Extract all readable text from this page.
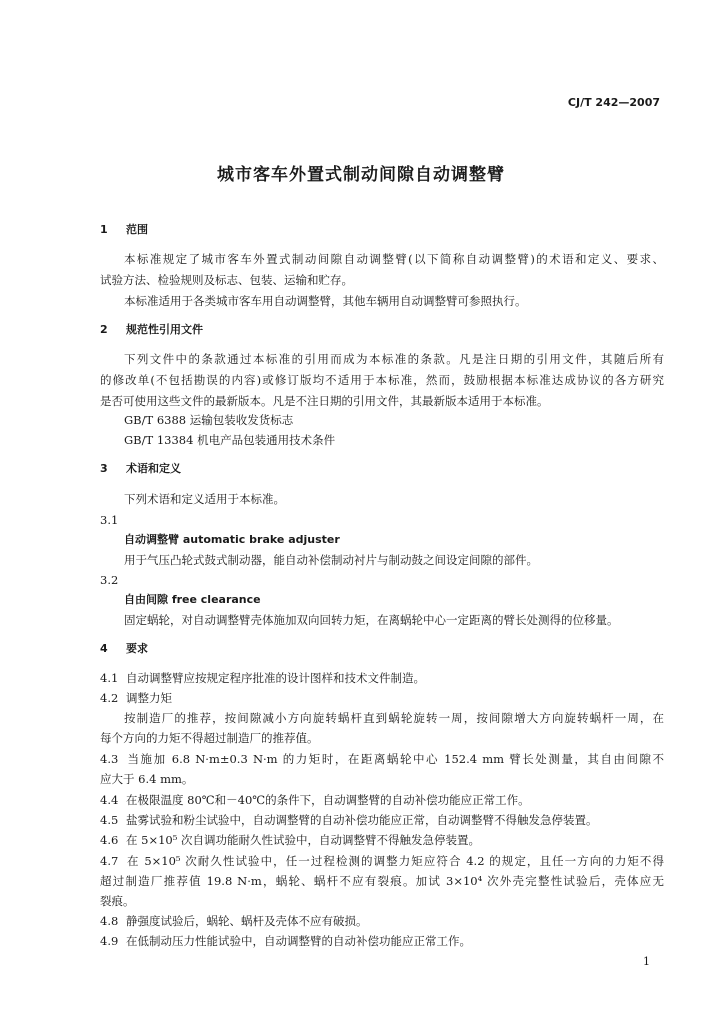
CJ/T 242—2007
城市客车外置式制动间隙自动调整臂
1 范围
本标准规定了城市客车外置式制动间隙自动调整臂(以下简称自动调整臂)的术语和定义、要求、
试验方法、检验规则及标志、包装、运输和贮存。
本标准适用于各类城市客车用自动调整臂，其他车辆用自动调整臂可参照执行。
2 规范性引用文件
下列文件中的条款通过本标准的引用而成为本标准的条款。凡是注日期的引用文件，其随后所有
的修改单(不包括勘误的内容)或修订版均不适用于本标准，然而，鼓励根据本标准达成协议的各方研究
是否可使用这些文件的最新版本。凡是不注日期的引用文件，其最新版本适用于本标准。
GB/T 6388 运输包装收发货标志
GB/T 13384 机电产品包装通用技术条件
3 术语和定义
下列术语和定义适用于本标准。
3.1
自动调整臂 automatic brake adjuster
用于气压凸轮式鼓式制动器，能自动补偿制动衬片与制动鼓之间设定间隙的部件。
3.2
自由间隙 free clearance
固定蜗轮，对自动调整臂壳体施加双向回转力矩，在离蜗轮中心一定距离的臂长处测得的位移量。
4 要求
4.1 自动调整臂应按规定程序批准的设计图样和技术文件制造。
4.2 调整力矩
按制造厂的推荐，按间隙减小方向旋转蜗杆直到蜗轮旋转一周，按间隙增大方向旋转蜗杆一周，在
每个方向的力矩不得超过制造厂的推荐值。
4.3 当施加 6.8 N·m±0.3 N·m 的力矩时，在距离蜗轮中心 152.4 mm 臂长处测量，其自由间隙不
应大于 6.4 mm。
4.4 在极限温度 80℃和－40℃的条件下，自动调整臂的自动补偿功能应正常工作。
4.5 盐雾试验和粉尘试验中，自动调整臂的自动补偿功能应正常，自动调整臂不得触发急停装置。
4.6 在 5×10⁵ 次自调功能耐久性试验中，自动调整臂不得触发急停装置。
4.7 在 5×10⁵ 次耐久性试验中，任一过程检测的调整力矩应符合 4.2 的规定，且任一方向的力矩不得
超过制造厂推荐值 19.8 N·m，蜗轮、蜗杆不应有裂痕。加试 3×10⁴ 次外壳完整性试验后，壳体应无
裂痕。
4.8 静强度试验后，蜗轮、蜗杆及壳体不应有破损。
4.9 在低制动压力性能试验中，自动调整臂的自动补偿功能应正常工作。
1
